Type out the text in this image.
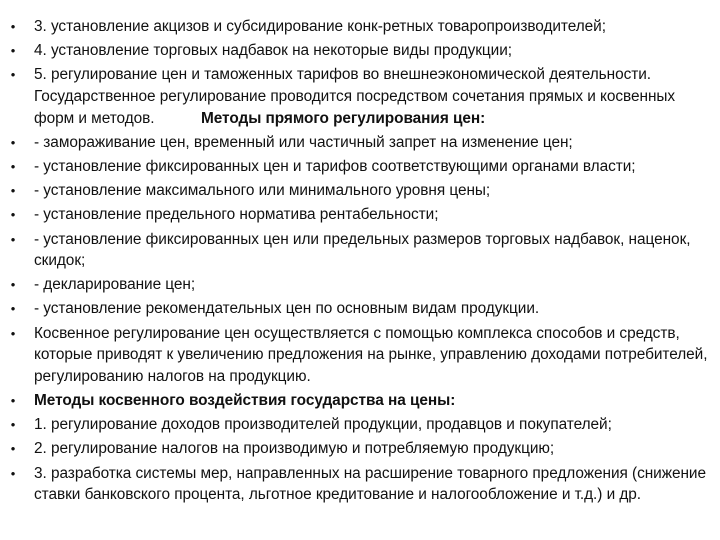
•	3. установление акцизов и субсидирование конк-ретных товаропроизводителей;
•	4. установление торговых надбавок на некоторые виды продукции;
•	5. регулирование цен и таможенных тарифов во внешнеэкономической деятельности. Государственное регулирование проводится посредством сочетания прямых и косвенных форм и методов.	Методы прямого регулирования цен:
•	- замораживание цен, временный или частичный запрет на изменение цен;
•	- установление фиксированных цен и тарифов соответствующими органами власти;
•	- установление максимального или минимального уровня цены;
•	- установление предельного норматива рентабельности;
•	- установление фиксированных цен или предельных размеров торговых надбавок, наценок, скидок;
•	- декларирование цен;
•	- установление рекомендательных цен по основным видам продукции.
•	Косвенное регулирование цен осуществляется с помощью комплекса способов и средств, которые приводят к увеличению предложения на рынке, управлению доходами потребителей, регулированию налогов на продукцию.
•	Методы косвенного воздействия государства на цены:
•	1. регулирование доходов производителей продукции, продавцов и покупателей;
•	2. регулирование налогов на производимую и потребляемую продукцию;
•	3. разработка системы мер, направленных на расширение товарного предложения (снижение ставки банковского процента, льготное кредитование и налогообложение и т.д.) и др.
